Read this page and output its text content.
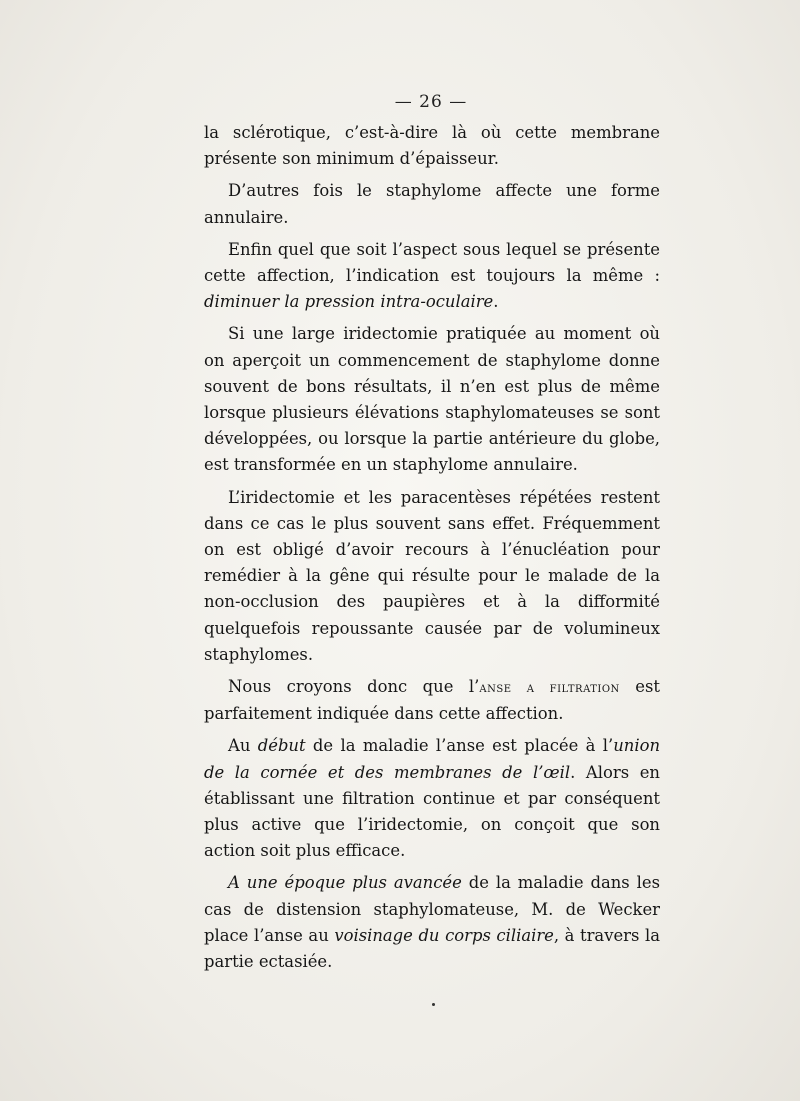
— 26 —

la sclérotique, c’est-à-dire là où cette membrane présente son minimum d’épaisseur.

D’autres fois le staphylome affecte une forme annulaire.

Enfin quel que soit l’aspect sous lequel se présente cette affection, l’indication est toujours la même : diminuer la pression intra-oculaire.

Si une large iridectomie pratiquée au moment où on aperçoit un commencement de staphylome donne souvent de bons résultats, il n’en est plus de même lorsque plusieurs élévations staphylomateuses se sont développées, ou lorsque la partie antérieure du globe, est transformée en un staphylome annulaire.

L’iridectomie et les paracentèses répétées restent dans ce cas le plus souvent sans effet. Fréquemment on est obligé d’avoir recours à l’énucléation pour remédier à la gêne qui résulte pour le malade de la non-occlusion des paupières et à la difformité quelquefois repoussante causée par de volumineux staphylomes.

Nous croyons donc que l’anse a filtration est parfaitement indiquée dans cette affection.

Au début de la maladie l’anse est placée à l’union de la cornée et des membranes de l’œil. Alors en établissant une filtration continue et par conséquent plus active que l’iridectomie, on conçoit que son action soit plus efficace.

A une époque plus avancée de la maladie dans les cas de distension staphylomateuse, M. de Wecker place l’anse au voisinage du corps ciliaire, à travers la partie ectasiée.
